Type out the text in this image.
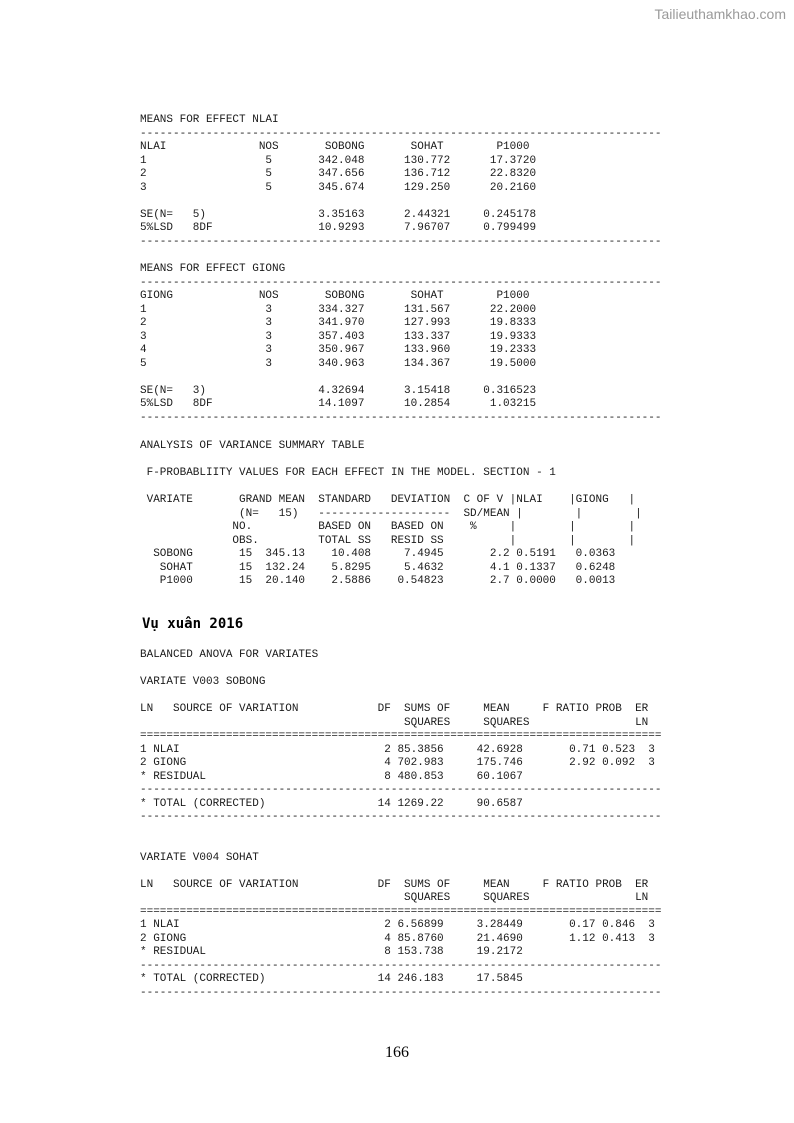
Tailieuthamkhao.com
MEANS FOR EFFECT NLAI
-------------------------------------------------------------------------------
NLAI              NOS       SOBONG       SOHAT        P1000
1                  5       342.048      130.772      17.3720
2                  5       347.656      136.712      22.8320
3                  5       345.674      129.250      20.2160

SE(N=   5)                 3.35163      2.44321     0.245178
5%LSD   8DF                10.9293      7.96707     0.799499
-------------------------------------------------------------------------------
MEANS FOR EFFECT GIONG
-------------------------------------------------------------------------------
GIONG             NOS       SOBONG       SOHAT        P1000
1                  3       334.327      131.567      22.2000
2                  3       341.970      127.993      19.8333
3                  3       357.403      133.337      19.9333
4                  3       350.967      133.960      19.2333
5                  3       340.963      134.367      19.5000

SE(N=   3)                 4.32694      3.15418     0.316523
5%LSD   8DF                14.1097      10.2854      1.03215
-------------------------------------------------------------------------------
ANALYSIS OF VARIANCE SUMMARY TABLE

F-PROBABLIITY VALUES FOR EACH EFFECT IN THE MODEL. SECTION - 1

VARIATE       GRAND MEAN  STANDARD   DEVIATION  C OF V |NLAI    |GIONG   |
(N=   15)   --------------------  SD/MEAN |        |        |
NO.          BASED ON   BASED ON    %     |        |        |
OBS.         TOTAL SS   RESID SS          |        |        |
SOBONG       15  345.13    10.408     7.4945       2.2 0.5191   0.0363
SOHAT       15  132.24    5.8295     5.4632       4.1 0.1337   0.6248
P1000       15  20.140    2.5886    0.54823       2.7 0.0000   0.0013
Vụ xuân 2016
BALANCED ANOVA FOR VARIATES

VARIATE V003 SOBONG

LN   SOURCE OF VARIATION            DF  SUMS OF     MEAN     F RATIO PROB  ER
SQUARES     SQUARES                LN
===============================================================================
1 NLAI                               2 85.3856     42.6928       0.71 0.523  3
2 GIONG                              4 702.983     175.746       2.92 0.092  3
* RESIDUAL                           8 480.853     60.1067
-------------------------------------------------------------------------------
* TOTAL (CORRECTED)                 14 1269.22     90.6587
-------------------------------------------------------------------------------

VARIATE V004 SOHAT

LN   SOURCE OF VARIATION            DF  SUMS OF     MEAN     F RATIO PROB  ER
SQUARES     SQUARES                LN
===============================================================================
1 NLAI                               2 6.56899     3.28449       0.17 0.846  3
2 GIONG                              4 85.8760     21.4690       1.12 0.413  3
* RESIDUAL                           8 153.738     19.2172
-------------------------------------------------------------------------------
* TOTAL (CORRECTED)                 14 246.183     17.5845
-------------------------------------------------------------------------------
166
